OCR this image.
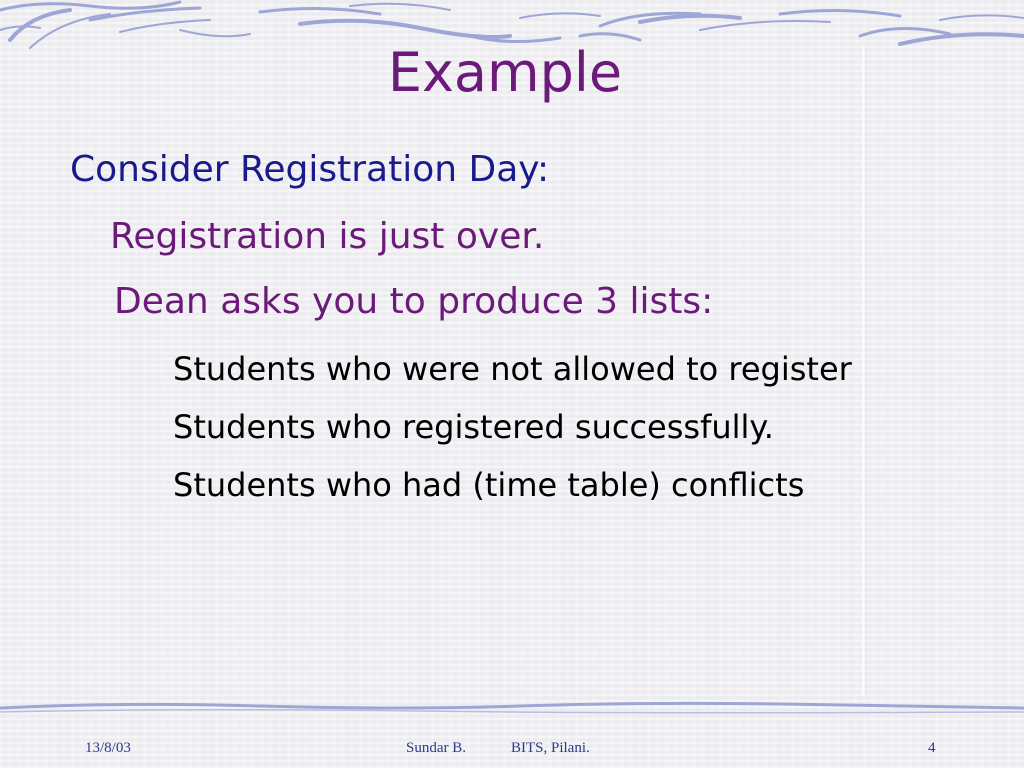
Example
Consider Registration Day:
Registration is just over.
Dean asks you to produce 3 lists:
Students who were not allowed to register
Students who registered successfully.
Students who had (time table) conflicts
13/8/03	Sundar B.	BITS, Pilani.	4
